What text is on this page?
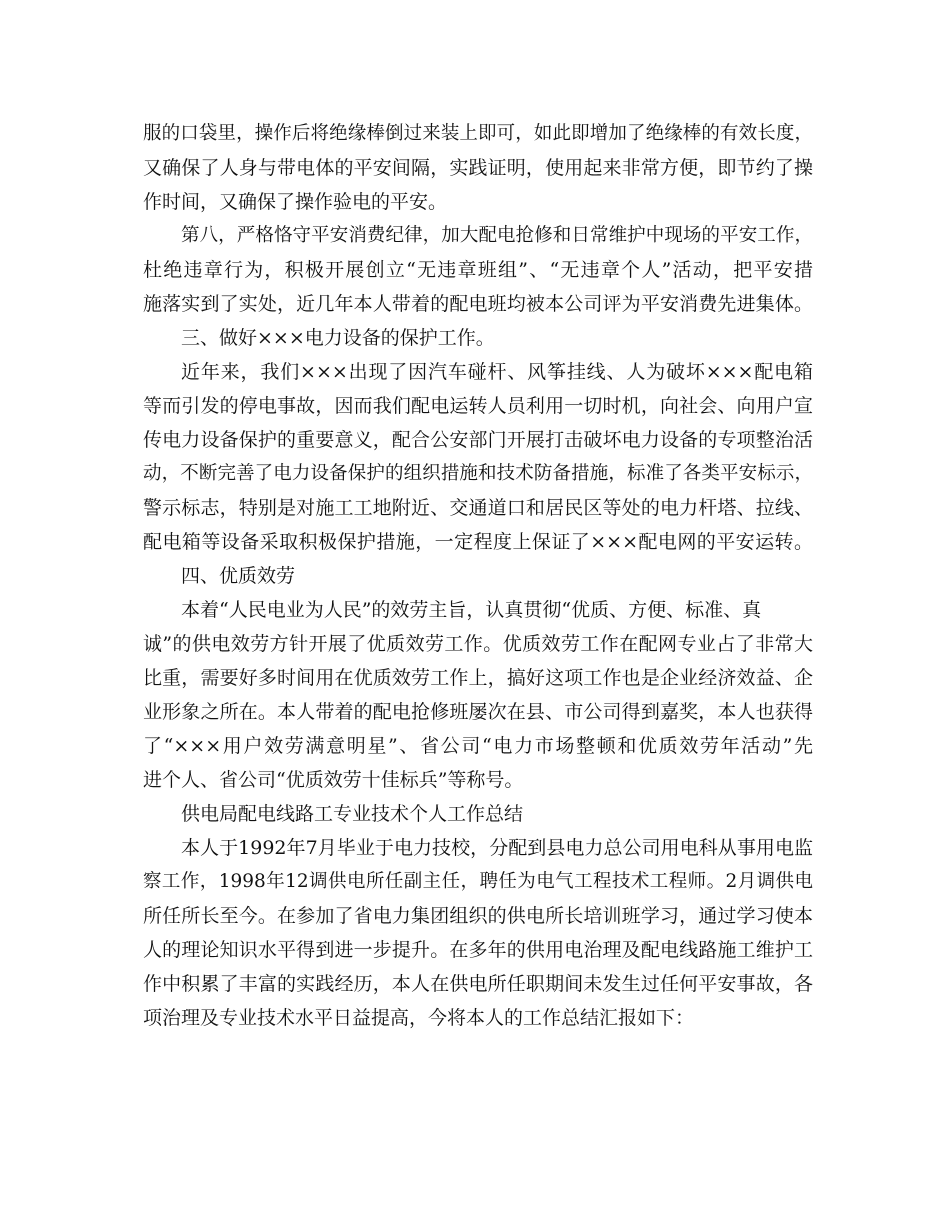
服的口袋里，操作后将绝缘棒倒过来装上即可，如此即增加了绝缘棒的有效长度，
又确保了人身与带电体的平安间隔，实践证明，使用起来非常方便，即节约了操
作时间，又确保了操作验电的平安。
第八，严格恪守平安消费纪律，加大配电抢修和日常维护中现场的平安工作，
杜绝违章行为，积极开展创立“无违章班组”、“无违章个人”活动，把平安措
施落实到了实处，近几年本人带着的配电班均被本公司评为平安消费先进集体。
三、做好×××电力设备的保护工作。
近年来，我们×××出现了因汽车碰杆、风筝挂线、人为破坏×××配电箱
等而引发的停电事故，因而我们配电运转人员利用一切时机，向社会、向用户宣
传电力设备保护的重要意义，配合公安部门开展打击破坏电力设备的专项整治活
动，不断完善了电力设备保护的组织措施和技术防备措施，标准了各类平安标示，
警示标志，特别是对施工工地附近、交通道口和居民区等处的电力杆塔、拉线、
配电箱等设备采取积极保护措施，一定程度上保证了×××配电网的平安运转。
四、优质效劳
本着“人民电业为人民”的效劳主旨，认真贯彻“优质、方便、标准、真
诚”的供电效劳方针开展了优质效劳工作。优质效劳工作在配网专业占了非常大
比重，需要好多时间用在优质效劳工作上，搞好这项工作也是企业经济效益、企
业形象之所在。本人带着的配电抢修班屡次在县、市公司得到嘉奖，本人也获得
了“×××用户效劳满意明星”、省公司“电力市场整顿和优质效劳年活动”先
进个人、省公司“优质效劳十佳标兵”等称号。
供电局配电线路工专业技术个人工作总结
本人于1992年7月毕业于电力技校，分配到县电力总公司用电科从事用电监
察工作，1998年12调供电所任副主任，聘任为电气工程技术工程师。2月调供电
所任所长至今。在参加了省电力集团组织的供电所长培训班学习，通过学习使本
人的理论知识水平得到进一步提升。在多年的供用电治理及配电线路施工维护工
作中积累了丰富的实践经历，本人在供电所任职期间未发生过任何平安事故，各
项治理及专业技术水平日益提高，今将本人的工作总结汇报如下：
